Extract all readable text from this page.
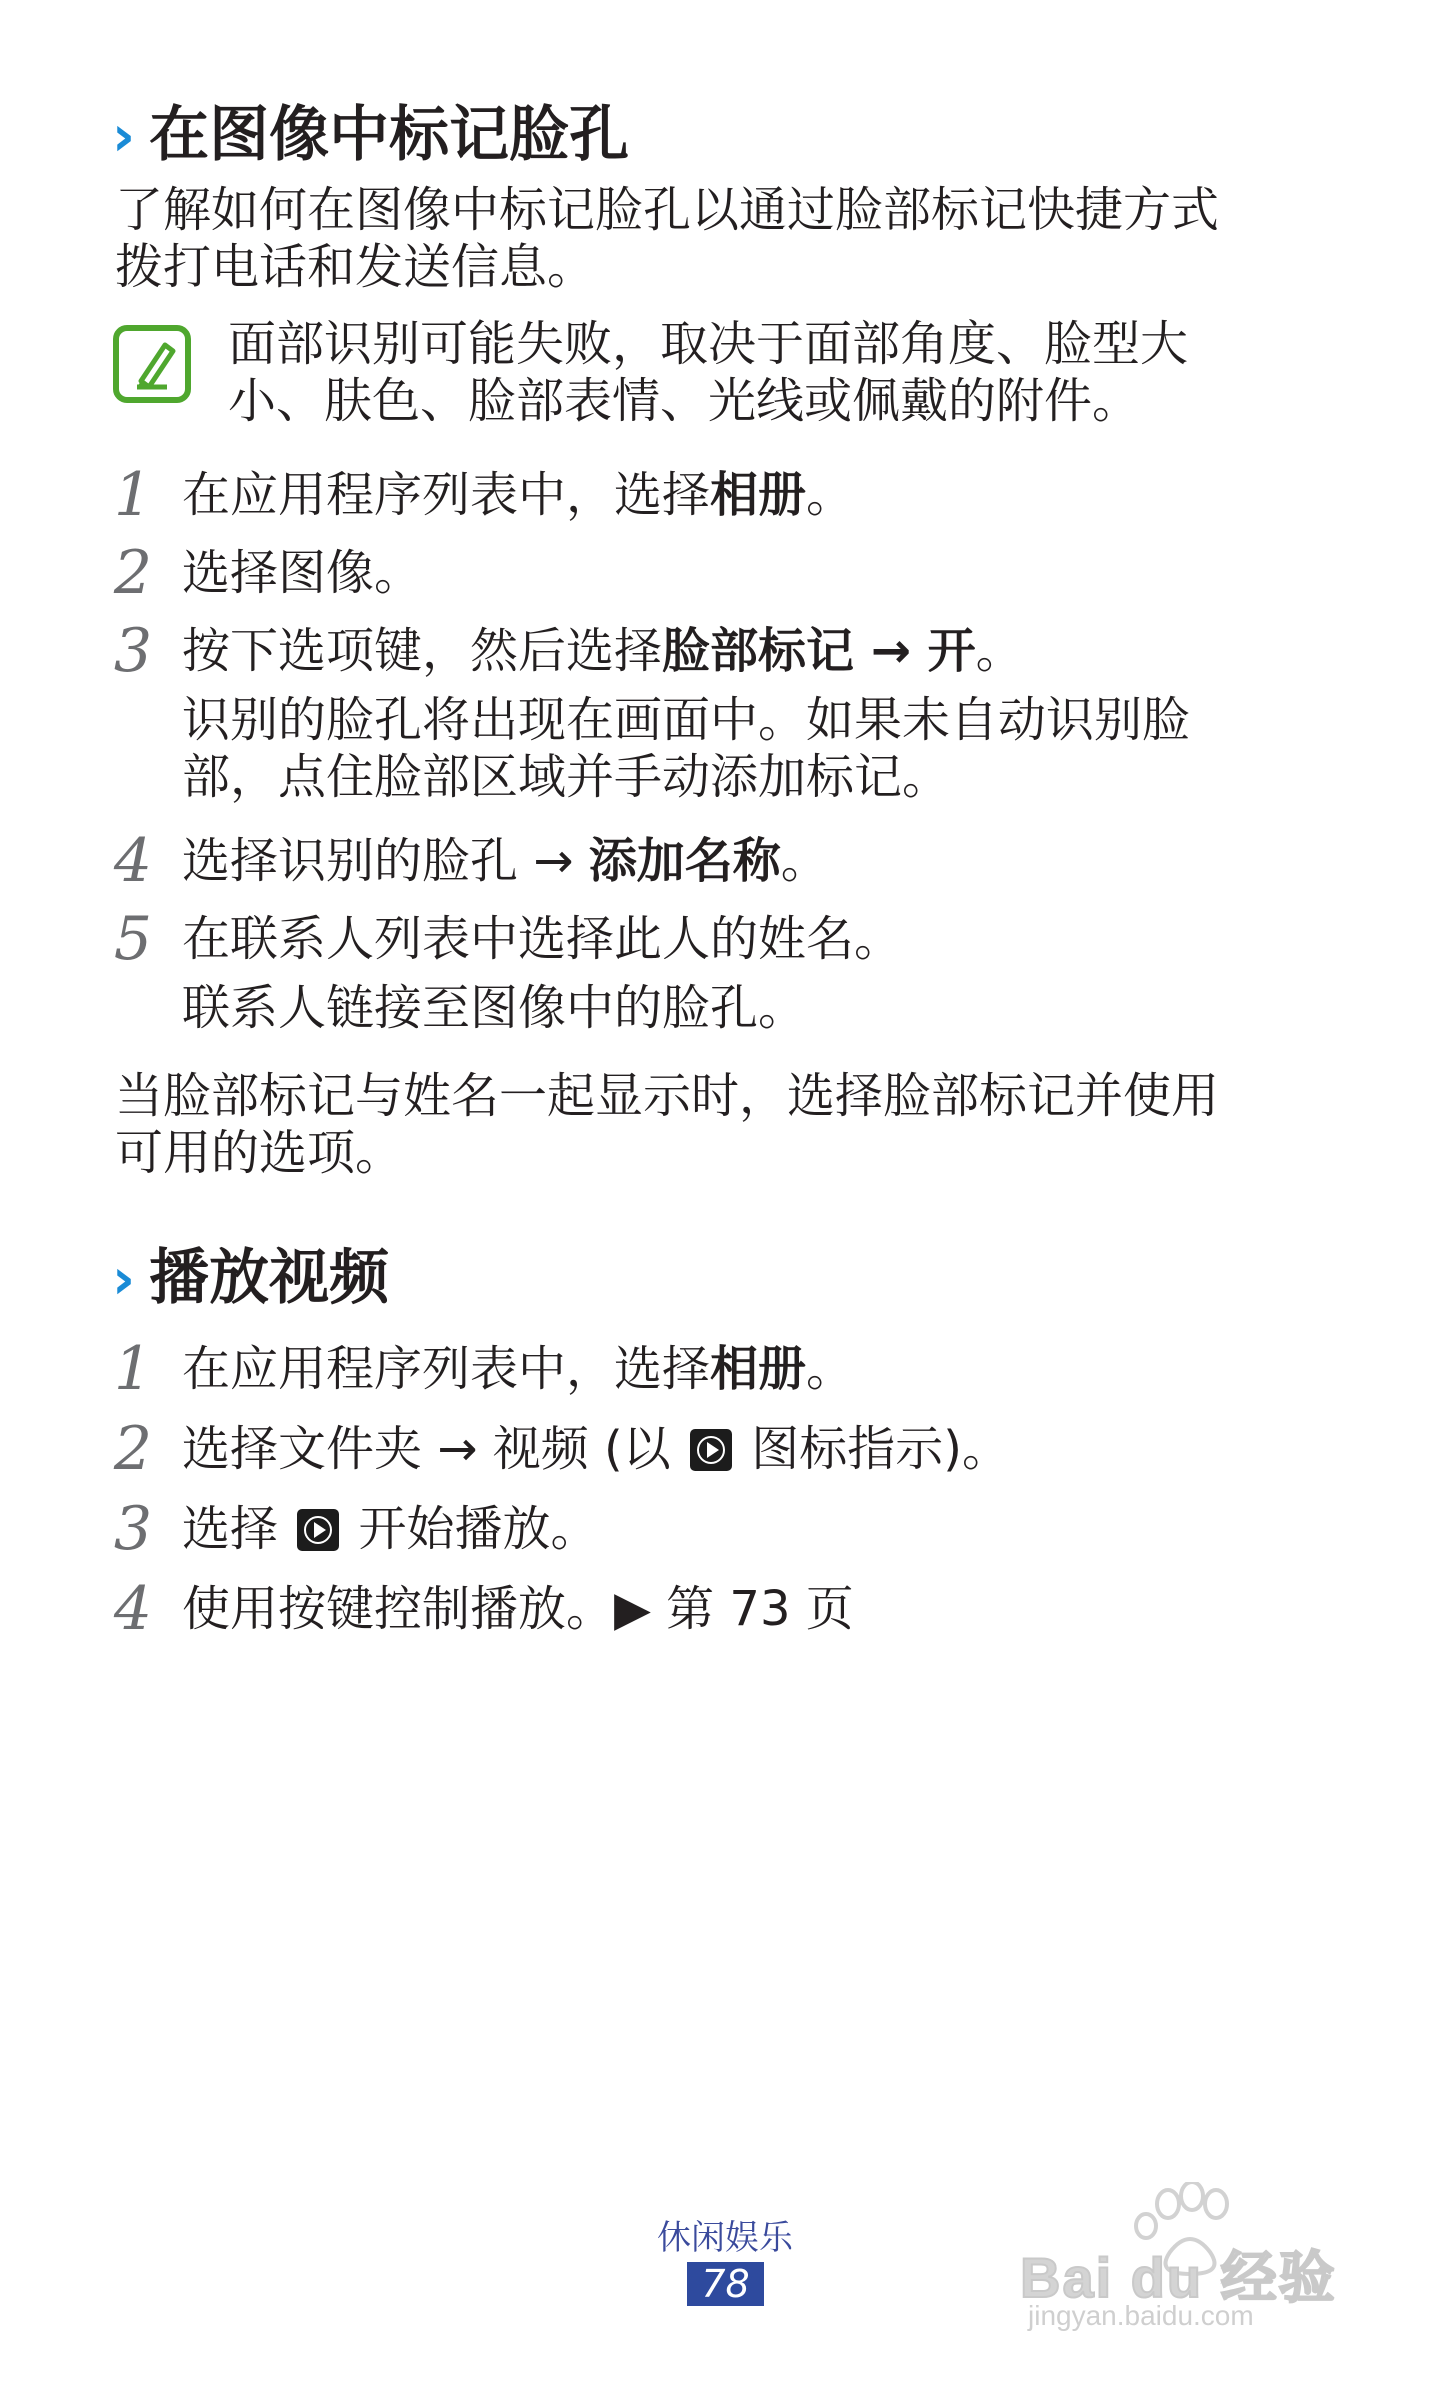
› 在图像中标记脸孔
了解如何在图像中标记脸孔以通过脸部标记快捷方式
拨打电话和发送信息。
面部识别可能失败，取决于面部角度、脸型大
小、肤色、脸部表情、光线或佩戴的附件。
1 在应用程序列表中，选择相册。
2 选择图像。
3 按下选项键，然后选择脸部标记 → 开。
识别的脸孔将出现在画面中。如果未自动识别脸
部，点住脸部区域并手动添加标记。
4 选择识别的脸孔 → 添加名称。
5 在联系人列表中选择此人的姓名。
联系人链接至图像中的脸孔。
当脸部标记与姓名一起显示时，选择脸部标记并使用
可用的选项。
› 播放视频
1 在应用程序列表中，选择相册。
2 选择文件夹 → 视频 (以  图标指示)。
3 选择  开始播放。
4 使用按键控制播放。▶ 第 73 页
休闲娱乐
78	Bai du 经验
jingyan.baidu.com
